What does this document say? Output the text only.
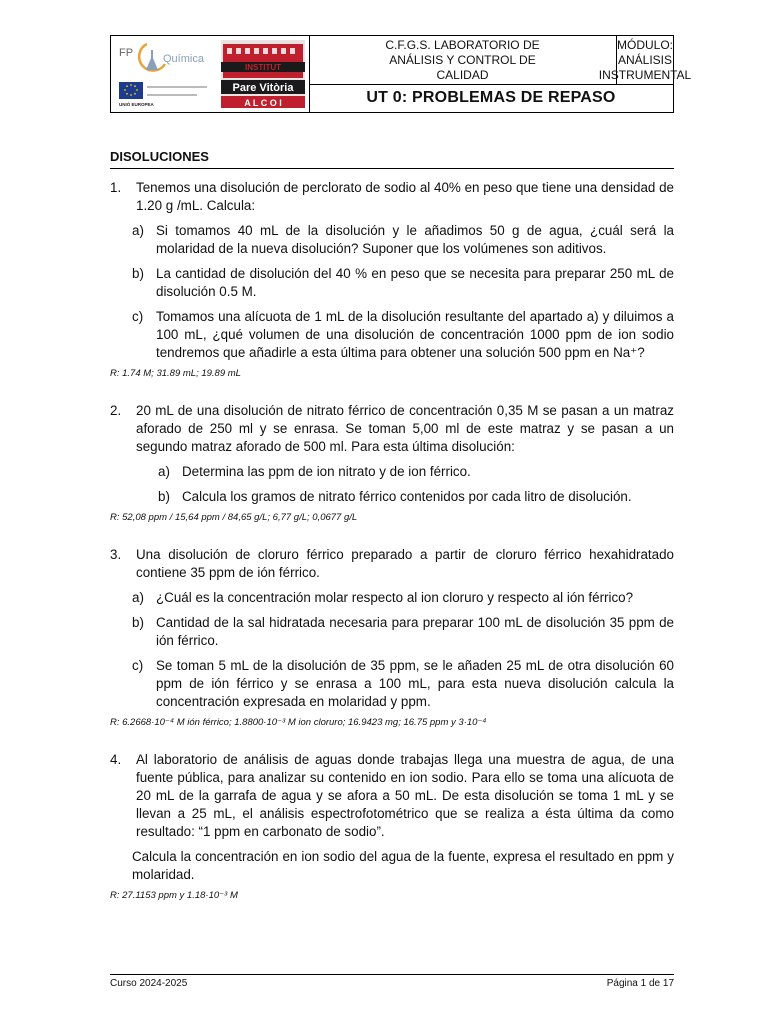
FP	Química
UNIÓ EUROPEA
INSTITUT
Pare Vitòria
A L C O I
C.F.G.S. LABORATORIO DE
ANÁLISIS Y CONTROL DE
CALIDAD
MÓDULO:
ANÁLISIS INSTRUMENTAL
UT 0: PROBLEMAS DE REPASO
DISOLUCIONES
1.	Tenemos una disolución de perclorato de sodio al 40% en peso que tiene una densidad de 1.20 g /mL. Calcula:
a) Si tomamos 40 mL de la disolución y le añadimos 50 g de agua, ¿cuál será la molaridad de la nueva disolución? Suponer que los volúmenes son aditivos.
b) La cantidad de disolución del 40 % en peso que se necesita para preparar 250 mL de disolución 0.5 M.
c) Tomamos una alícuota de 1 mL de la disolución resultante del apartado a) y diluimos a 100 mL, ¿qué volumen de una disolución de concentración 1000 ppm de ion sodio tendremos que añadirle a esta última para obtener una solución 500 ppm en Na⁺?
R: 1.74 M; 31.89 mL; 19.89 mL
2.	20 mL de una disolución de nitrato férrico de concentración 0,35 M se pasan a un matraz aforado de 250 ml y se enrasa. Se toman 5,00 ml de este matraz y se pasan a un segundo matraz aforado de 500 ml. Para esta última disolución:
a) Determina las ppm de ion nitrato y de ion férrico.
b) Calcula los gramos de nitrato férrico contenidos por cada litro de disolución.
R: 52,08 ppm / 15,64 ppm / 84,65 g/L; 6,77 g/L; 0,0677 g/L
3.	Una disolución de cloruro férrico preparado a partir de cloruro férrico hexahidratado contiene 35 ppm de ión férrico.
a) ¿Cuál es la concentración molar respecto al ion cloruro y respecto al ión férrico?
b) Cantidad de la sal hidratada necesaria para preparar 100 mL de disolución 35 ppm de ión férrico.
c) Se toman 5 mL de la disolución de 35 ppm, se le añaden 25 mL de otra disolución 60 ppm de ión férrico y se enrasa a 100 mL, para esta nueva disolución calcula la concentración expresada en molaridad y ppm.
R: 6.2668·10⁻⁴ M ión férrico; 1.8800·10⁻³ M ion cloruro; 16.9423 mg; 16.75 ppm y 3·10⁻⁴
4.	Al laboratorio de análisis de aguas donde trabajas llega una muestra de agua, de una fuente pública, para analizar su contenido en ion sodio. Para ello se toma una alícuota de 20 mL de la garrafa de agua y se afora a 50 mL. De esta disolución se toma 1 mL y se llevan a 25 mL, el análisis espectrofotométrico que se realiza a ésta última da como resultado: “1 ppm en carbonato de sodio”.
Calcula la concentración en ion sodio del agua de la fuente, expresa el resultado en ppm y molaridad.
R: 27.1153 ppm y 1.18·10⁻³ M
Curso 2024-2025	Página 1 de 17
